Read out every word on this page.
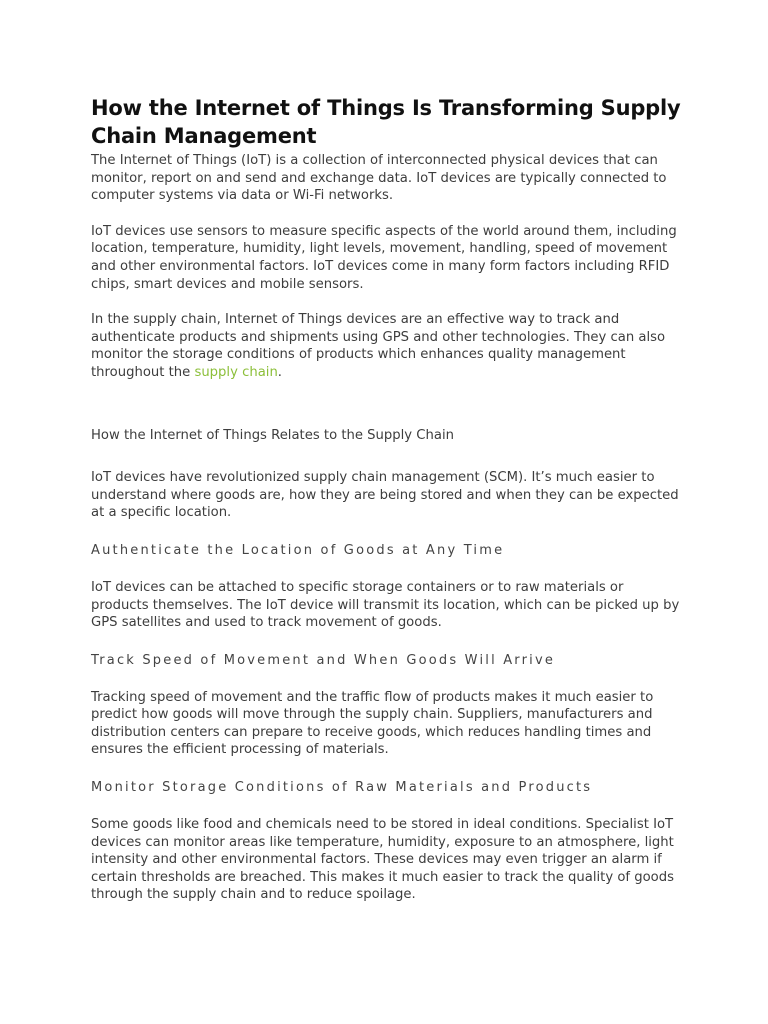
How the Internet of Things Is Transforming Supply Chain Management

The Internet of Things (IoT) is a collection of interconnected physical devices that can monitor, report on and send and exchange data. IoT devices are typically connected to computer systems via data or Wi-Fi networks.

IoT devices use sensors to measure specific aspects of the world around them, including location, temperature, humidity, light levels, movement, handling, speed of movement and other environmental factors. IoT devices come in many form factors including RFID chips, smart devices and mobile sensors.

In the supply chain, Internet of Things devices are an effective way to track and authenticate products and shipments using GPS and other technologies. They can also monitor the storage conditions of products which enhances quality management throughout the supply chain.

How the Internet of Things Relates to the Supply Chain

IoT devices have revolutionized supply chain management (SCM). It’s much easier to understand where goods are, how they are being stored and when they can be expected at a specific location.

Authenticate the Location of Goods at Any Time

IoT devices can be attached to specific storage containers or to raw materials or products themselves. The IoT device will transmit its location, which can be picked up by GPS satellites and used to track movement of goods.

Track Speed of Movement and When Goods Will Arrive

Tracking speed of movement and the traffic flow of products makes it much easier to predict how goods will move through the supply chain. Suppliers, manufacturers and distribution centers can prepare to receive goods, which reduces handling times and ensures the efficient processing of materials.

Monitor Storage Conditions of Raw Materials and Products

Some goods like food and chemicals need to be stored in ideal conditions. Specialist IoT devices can monitor areas like temperature, humidity, exposure to an atmosphere, light intensity and other environmental factors. These devices may even trigger an alarm if certain thresholds are breached. This makes it much easier to track the quality of goods through the supply chain and to reduce spoilage.
